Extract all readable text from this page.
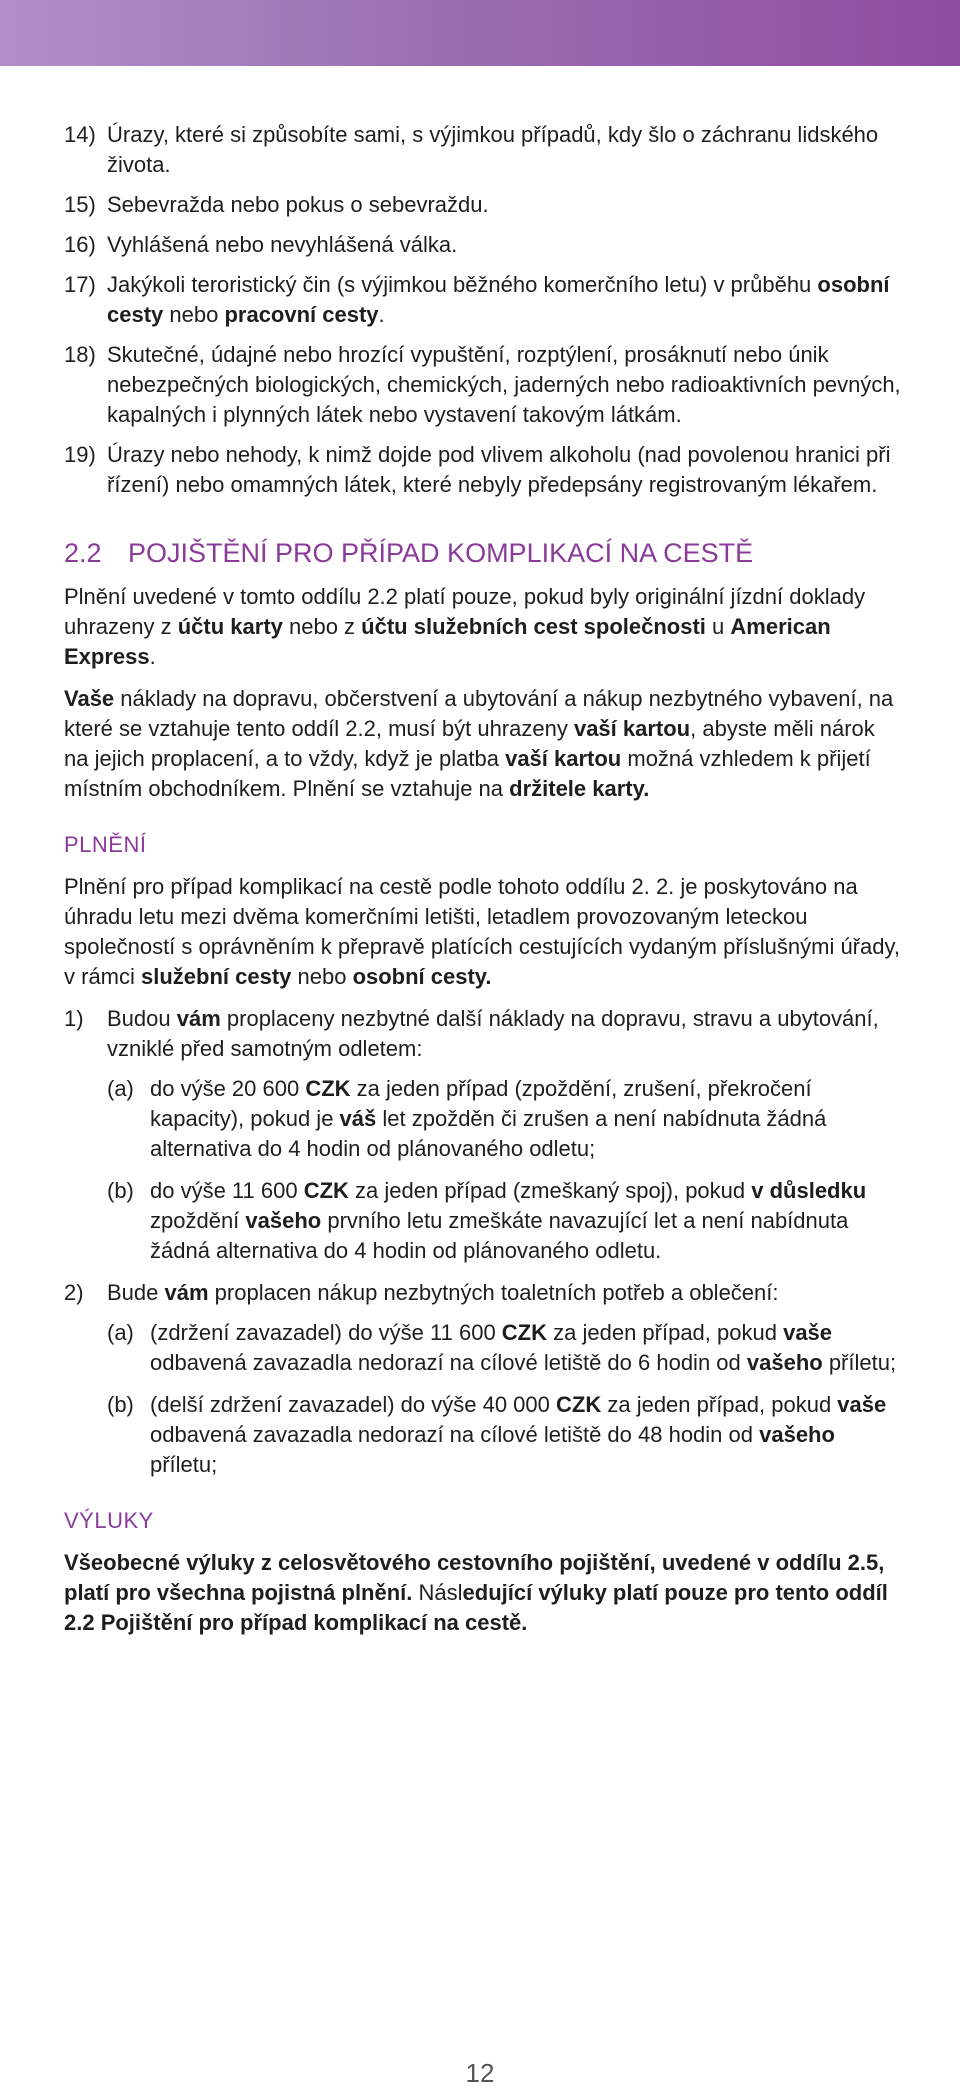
14) Úrazy, které si způsobíte sami, s výjimkou případů, kdy šlo o záchranu lidského života.
15) Sebevražda nebo pokus o sebevraždu.
16) Vyhlášená nebo nevyhlášená válka.
17) Jakýkoli teroristický čin (s výjimkou běžného komerčního letu) v průběhu osobní cesty nebo pracovní cesty.
18) Skutečné, údajné nebo hrozící vypuštění, rozptýlení, prosáknutí nebo únik nebezpečných biologických, chemických, jaderných nebo radioaktivních pevných, kapalných i plynných látek nebo vystavení takovým látkám.
19) Úrazy nebo nehody, k nimž dojde pod vlivem alkoholu (nad povolenou hranici při řízení) nebo omamných látek, které nebyly předepsány registrovaným lékařem.
2.2 POJIŠTĚNÍ PRO PŘÍPAD KOMPLIKACÍ NA CESTĚ

Plnění uvedené v tomto oddílu 2.2 platí pouze, pokud byly originální jízdní doklady uhrazeny z účtu karty nebo z účtu služebních cest společnosti u American Express.

Vaše náklady na dopravu, občerstvení a ubytování a nákup nezbytného vybavení, na které se vztahuje tento oddíl 2.2, musí být uhrazeny vaší kartou, abyste měli nárok na jejich proplacení, a to vždy, když je platba vaší kartou možná vzhledem k přijetí místním obchodníkem. Plnění se vztahuje na držitele karty.

PLNĚNÍ

Plnění pro případ komplikací na cestě podle tohoto oddílu 2. 2. je poskytováno na úhradu letu mezi dvěma komerčními letišti, letadlem provozovaným leteckou společností s oprávněním k přepravě platících cestujících vydaným příslušnými úřady, v rámci služební cesty nebo osobní cesty.

1) Budou vám proplaceny nezbytné další náklady na dopravu, stravu a ubytování, vzniklé před samotným odletem:
(a) do výše 20 600 CZK za jeden případ (zpoždění, zrušení, překročení kapacity), pokud je váš let zpožděn či zrušen a není nabídnuta žádná alternativa do 4 hodin od plánovaného odletu;
(b) do výše 11 600 CZK za jeden případ (zmeškaný spoj), pokud v důsledku zpoždění vašeho prvního letu zmeškáte navazující let a není nabídnuta žádná alternativa do 4 hodin od plánovaného odletu.
2) Bude vám proplacen nákup nezbytných toaletních potřeb a oblečení:
(a) (zdržení zavazadel) do výše 11 600 CZK za jeden případ, pokud vaše odbavená zavazadla nedorazí na cílové letiště do 6 hodin od vašeho příletu;
(b) (delší zdržení zavazadel) do výše 40 000 CZK za jeden případ, pokud vaše odbavená zavazadla nedorazí na cílové letiště do 48 hodin od vašeho příletu;
VÝLUKY

Všeobecné výluky z celosvětového cestovního pojištění, uvedené v oddílu 2.5, platí pro všechna pojistná plnění. Následující výluky platí pouze pro tento oddíl 2.2 Pojištění pro případ komplikací na cestě.

12
